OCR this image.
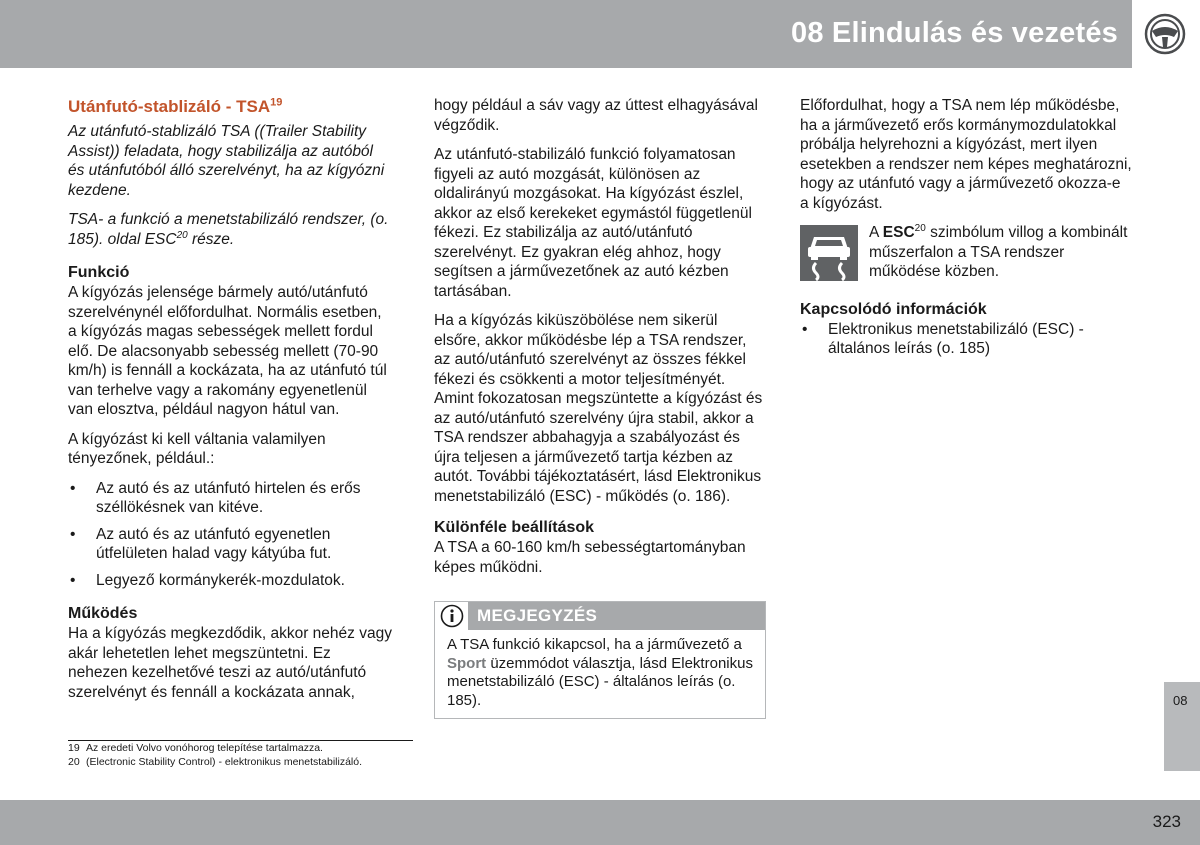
08 Elindulás és vezetés
Utánfutó-stablizáló - TSA$^{19}$

Az utánfutó-stablizáló TSA ((Trailer Stability Assist)) feladata, hogy stabilizálja az autóból és utánfutóból álló szerelvényt, ha az kígyózni kezdene.

TSA- a funkció a menetstabilizáló rendszer, (o. 185). oldal ESC$^{20}$ része.

Funkció

A kígyózás jelensége bármely autó/utánfutó szerelvénynél előfordulhat. Normális esetben, a kígyózás magas sebességek mellett fordul elő. De alacsonyabb sebesség mellett (70-90 km/h) is fennáll a kockázata, ha az utánfutó túl van terhelve vagy a rakomány egyenetlenül van elosztva, például nagyon hátul van.

A kígyózást ki kell váltania valamilyen tényezőnek, például.:

• Az autó és az utánfutó hirtelen és erős széllökésnek van kitéve.
• Az autó és az utánfutó egyenetlen útfelületen halad vagy kátyúba fut.
• Legyező kormánykerék-mozdulatok.
Működés

Ha a kígyózás megkezdődik, akkor nehéz vagy akár lehetetlen lehet megszüntetni. Ez nehezen kezelhetővé teszi az autó/utánfutó szerelvényt és fennáll a kockázata annak,

hogy például a sáv vagy az úttest elhagyásával végződik.

Az utánfutó-stabilizáló funkció folyamatosan figyeli az autó mozgását, különösen az oldalirányú mozgásokat. Ha kígyózást észlel, akkor az első kerekeket egymástól függetlenül fékezi. Ez stabilizálja az autó/utánfutó szerelvényt. Ez gyakran elég ahhoz, hogy segítsen a járművezetőnek az autó kézben tartásában.

Ha a kígyózás kiküszöbölése nem sikerül elsőre, akkor működésbe lép a TSA rendszer, az autó/utánfutó szerelvényt az összes fékkel fékezi és csökkenti a motor teljesítményét. Amint fokozatosan megszüntette a kígyózást és az autó/utánfutó szerelvény újra stabil, akkor a TSA rendszer abbahagyja a szabályozást és újra teljesen a járművezető tartja kézben az autót. További tájékoztatásért, lásd Elektronikus menetstabilizáló (ESC) - működés (o. 186).

Különféle beállítások

A TSA a 60-160 km/h sebességtartományban képes működni.

MEGJEGYZÉS
A TSA funkció kikapcsol, ha a járművezető a Sport üzemmódot választja, lásd Elektronikus menetstabilizáló (ESC) - általános leírás (o. 185).

Előfordulhat, hogy a TSA nem lép működésbe, ha a járművezető erős kormánymozdulatokkal próbálja helyrehozni a kígyózást, mert ilyen esetekben a rendszer nem képes meghatározni, hogy az utánfutó vagy a járművezető okozza-e a kígyózást.

A ESC$^{20}$ szimbólum villog a kombinált műszerfalon a TSA rendszer működése közben.
Kapcsolódó információk
• Elektronikus menetstabilizáló (ESC) - általános leírás (o. 185)
19 Az eredeti Volvo vonóhorog telepítése tartalmazza.
20 (Electronic Stability Control) - elektronikus menetstabilizáló.
08
323
